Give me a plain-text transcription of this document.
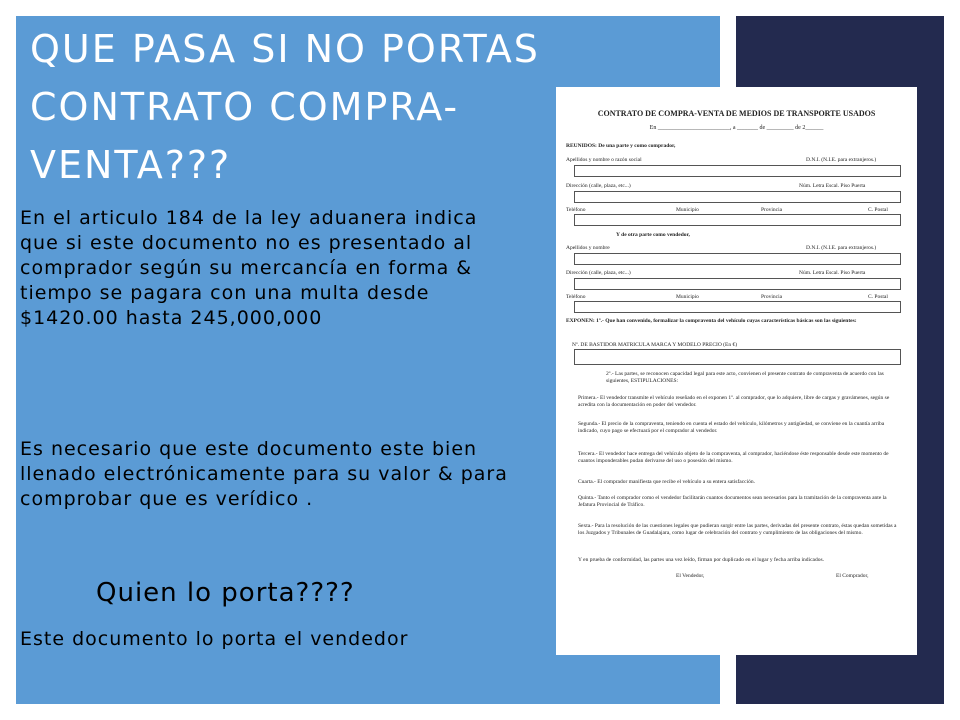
QUE PASA SI NO PORTAS CONTRATO COMPRA-VENTA???
En el articulo 184 de la ley aduanera indica que si este documento no es presentado al comprador según su mercancía en forma & tiempo se pagara con una multa desde $1420.00 hasta 245,000,000
Es necesario que este documento este bien llenado electrónicamente para su valor & para comprobar que es verídico .
Quien lo porta????
Este documento lo porta el vendedor
CONTRATO DE COMPRA-VENTA DE MEDIOS DE TRANSPORTE USADOS
En ________________________, a _______ de _________ de 2______
REUNIDOS: De una parte y como comprador,
Apellidos y nombre o razón social	D.N.I. (N.I.E. para extranjeros.)
Dirección (calle, plaza, etc...)	Núm. Letra Escal. Piso Puerta
Teléfono	Municipio	Provincia	C. Postal
Y de otra parte como vendedor,
Apellidos y nombre	D.N.I. (N.I.E. para extranjeros.)
Dirección (calle, plaza, etc...)	Núm. Letra Escal. Piso Puerta
Teléfono	Municipio	Provincia	C. Postal
EXPONEN: 1º.- Que han convenido, formalizar la compraventa del vehículo cuyas características básicas son las siguientes:
Nº. DE BASTIDOR MATRICULA MARCA Y MODELO PRECIO (En €)
2º.- Las partes, se reconocen capacidad legal para este acto, convienen el presente contrato de compraventa de acuerdo con las siguientes, ESTIPULACIONES:
Primera.- El vendedor transmite el vehículo reseñado en el exponen 1º. al comprador, que lo adquiere, libre de cargas y gravámenes, según se acredita con la documentación en poder del vendedor.
Segunda.- El precio de la compraventa, teniendo en cuenta el estado del vehículo, kilómetros y antigüedad, se conviene en la cuantía arriba indicado, cuyo pago se efectuará por el comprador al vendedor.
Tercera.- El vendedor hace entrega del vehículo objeto de la compraventa, al comprador, haciéndose éste responsable desde este momento de cuantos imponderables pudan derivarse del uso o posesión del mismo.
Cuarta.- El comprador manifiesta que recibe el vehículo a su entera satisfacción.
Quinta.- Tanto el comprador como el vendedor facilitarán cuantos documentos sean necesarios para la tramitación de la compraventa ante la Jefatura Provincial de Tráfico.
Sexta.- Para la resolución de las cuestiones legales que pudieran surgir entre las partes, derivadas del presente contrato, éstas quedan sometidas a los Juzgados y Tribunales de Guadalajara, como lugar de celebración del contrato y cumplimiento de las obligaciones del mismo.
Y en prueba de conformidad, las partes una vez leído, firman por duplicado en el lugar y fecha arriba indicados.
El Vendedor,	El Comprador,
